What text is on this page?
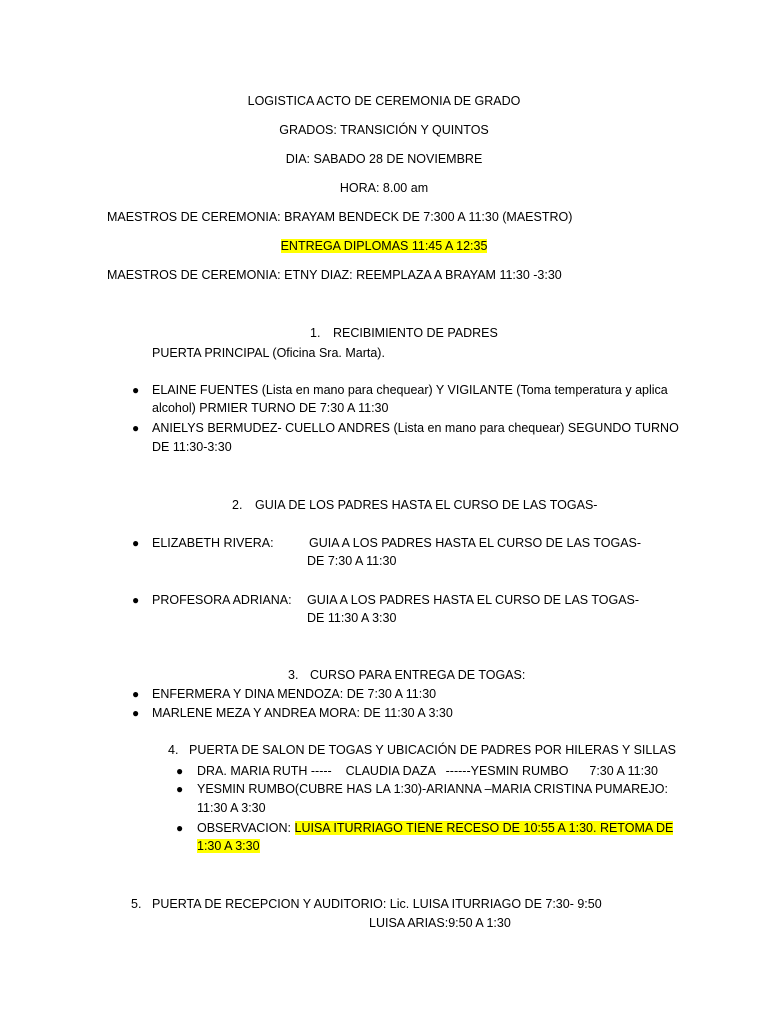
LOGISTICA ACTO DE CEREMONIA DE GRADO
GRADOS: TRANSICIÓN Y QUINTOS
DIA: SABADO 28 DE NOVIEMBRE
HORA: 8.00 am
MAESTROS DE CEREMONIA: BRAYAM BENDECK DE 7:300 A 11:30 (MAESTRO)
ENTREGA DIPLOMAS 11:45 A 12:35
MAESTROS DE CEREMONIA: ETNY DIAZ: REEMPLAZA A BRAYAM 11:30 -3:30
1. RECIBIMIENTO DE PADRES
PUERTA PRINCIPAL (Oficina Sra. Marta).
● ELAINE FUENTES (Lista en mano para chequear) Y VIGILANTE (Toma temperatura y aplica
alcohol) PRMIER TURNO DE 7:30 A 11:30
● ANIELYS BERMUDEZ- CUELLO ANDRES (Lista en mano para chequear) SEGUNDO TURNO
DE 11:30-3:30
2. GUIA DE LOS PADRES HASTA EL CURSO DE LAS TOGAS-
● ELIZABETH RIVERA:	GUIA A LOS PADRES HASTA EL CURSO DE LAS TOGAS-
DE 7:30 A 11:30
● PROFESORA ADRIANA: GUIA A LOS PADRES HASTA EL CURSO DE LAS TOGAS-
DE 11:30 A 3:30
3. CURSO PARA ENTREGA DE TOGAS:
● ENFERMERA Y DINA MENDOZA: DE 7:30 A 11:30
● MARLENE MEZA Y ANDREA MORA: DE 11:30 A 3:30
4. PUERTA DE SALON DE TOGAS Y UBICACIÓN DE PADRES POR HILERAS Y SILLAS
● DRA. MARIA RUTH -----    CLAUDIA DAZA   ------YESMIN RUMBO      7:30 A 11:30
● YESMIN RUMBO(CUBRE HAS LA 1:30)-ARIANNA –MARIA CRISTINA PUMAREJO:
11:30 A 3:30
● OBSERVACION: LUISA ITURRIAGO TIENE RECESO DE 10:55 A 1:30. RETOMA DE
1:30 A 3:30
5. PUERTA DE RECEPCION Y AUDITORIO: Lic. LUISA ITURRIAGO DE 7:30- 9:50
LUISA ARIAS:9:50 A 1:30
